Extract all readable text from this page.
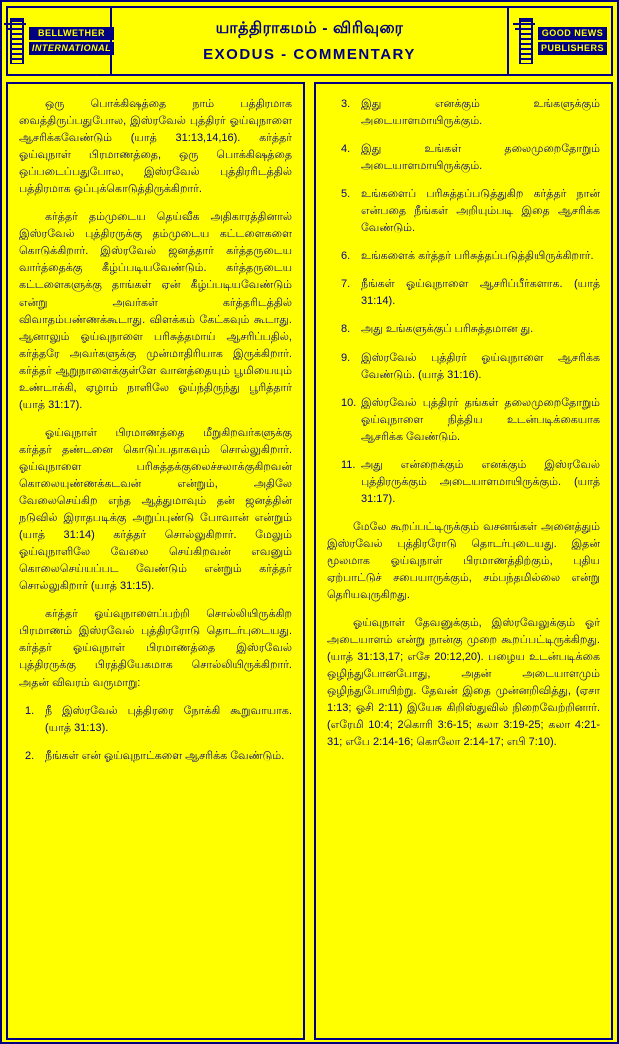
BELLWETHER
INTERNATIONAL
யாத்திராகமம் - விரிவுரை
EXODUS - COMMENTARY
GOOD NEWS
PUBLISHERS

ஒரு பொக்கிஷத்தை நாம் பத்திரமாக வைத்திருப்பதுபோல, இஸ்ரவேல் புத்திரர் ஓய்வுநாளை ஆசரிக்கவேண்டும் (யாத் 31:13,14,16). கர்த்தர் ஓய்வுநாள் பிரமாணத்தை, ஒரு பொக்கிஷத்தை ஒப்படைப்பதுபோல, இஸ்ரவேல் புத்திரரிடத்தில் பத்திரமாக ஒப்புக்கொடுத்திருக்கிறார்.

கர்த்தர் தம்முடைய தெய்வீக அதிகாரத்தினால் இஸ்ரவேல் புத்திரருக்கு தம்முடைய கட்டளைகளை கொடுக்கிறார். இஸ்ரவேல் ஜனத்தார் கர்த்தருடைய வார்த்தைக்கு கீழ்ப்படியவேண்டும். கர்த்தருடைய கட்டளைகளுக்கு தாங்கள் ஏன் கீழ்ப்படியவேண்டும் என்று அவர்கள் கர்த்தரிடத்தில் விவாதம்பண்ணக்கூடாது. விளக்கம் கேட்கவும் கூடாது. ஆனாலும் ஓய்வுநாளை பரிசுத்தமாய் ஆசரிப்பதில், கர்த்தரே அவர்களுக்கு முன்மாதிரியாக இருக்கிறார். கர்த்தர் ஆறுநாளைக்குள்ளே வானத்தையும் பூமியையும் உண்டாக்கி, ஏழாம் நாளிலே ஓய்ந்திருந்து பூரித்தார் (யாத் 31:17).

ஓய்வுநாள் பிரமாணத்தை மீறுகிறவர்களுக்கு கர்த்தர் தண்டனை கொடுப்பதாகவும் சொல்லுகிறார். ஓய்வுநாளை பரிசுத்தக்குலைச்சலாக்குகிறவன் கொலையுண்ணக்கடவன் என்றும், அதிலே வேலைசெய்கிற எந்த ஆத்துமாவும் தன் ஜனத்தின் நடுவில் இராதபடிக்கு அறுப்புண்டு போவான் என்றும் (யாத் 31:14) கர்த்தர் சொல்லுகிறார். மேலும் ஓய்வுநாளிலே வேலை செய்கிறவன் எவனும் கொலைசெய்யப்பட வேண்டும் என்றும் கர்த்தர் சொல்லுகிறார் (யாத் 31:15).

கர்த்தர் ஓய்வுநாளைப்பற்றி சொல்லியிருக்கிற பிரமாணம் இஸ்ரவேல் புத்திரரோடு தொடர்புடையது. கர்த்தர் ஓய்வுநாள் பிரமாணத்தை இஸ்ரவேல் புத்திரருக்கு பிரத்தியேகமாக சொல்லியிருக்கிறார். அதன் விவரம் வருமாறு:

1. நீ இஸ்ரவேல் புத்திரரை நோக்கி கூறுவாயாக. (யாத் 31:13).
2. நீங்கள் என் ஓய்வுநாட்களை ஆசரிக்க வேண்டும்.
3. இது எனக்கும் உங்களுக்கும் அடையாளமாயிருக்கும்.
4. இது உங்கள் தலைமுறைதோறும் அடையாளமாயிருக்கும்.
5. உங்களைப் பரிசுத்தப்படுத்துகிற கர்த்தர் நான் என்பதை நீங்கள் அறியும்படி இதை ஆசரிக்க வேண்டும்.
6. உங்களைக் கர்த்தர் பரிசுத்தப்படுத்தியிருக்கிறார்.
7. நீங்கள் ஓய்வுநாளை ஆசரிப்பீர்களாக. (யாத் 31:14).
8. அது உங்களுக்குப் பரிசுத்தமான து.
9. இஸ்ரவேல் புத்திரர் ஓய்வுநாளை ஆசரிக்க வேண்டும். (யாத் 31:16).
10. இஸ்ரவேல் புத்திரர் தங்கள் தலைமுறைதோறும் ஓய்வுநாளை நித்திய உடன்படிக்கையாக ஆசரிக்க வேண்டும்.
11. அது என்றைக்கும் எனக்கும் இஸ்ரவேல் புத்திரருக்கும் அடையாளமாயிருக்கும். (யாத் 31:17).

மேலே கூறப்பட்டிருக்கும் வசனங்கள் அனைத்தும் இஸ்ரவேல் புத்திரரோடு தொடர்புடையது. இதன் மூலமாக ஓய்வுநாள் பிரமாணத்திற்கும், புதிய ஏற்பாட்டுச் சபையாருக்கும், சம்பந்தமில்லை என்று தெரியவுருகிறது.

ஓய்வுநாள் தேவனுக்கும், இஸ்ரவேலுக்கும் ஓர் அடையாளம் என்று நான்கு முறை கூறப்பட்டிருக்கிறது. (யாத் 31:13,17; எசே 20:12,20). பழைய உடன்படிக்கை ஒழிந்துபோனபோது, அதன் அடையாளமும் ஒழிந்துபோயிற்று. தேவன் இதை முன்னறிவித்து, (ஏசா 1:13; ஓசி 2:11) இயேசு கிறிஸ்துவில் நிறைவேற்றினார். (எரேமி 10:4; 2கொரி 3:6-15; கலா 3:19-25; கலா 4:21-31; எபே 2:14-16; கொலோ 2:14-17; எபி 7:10).
